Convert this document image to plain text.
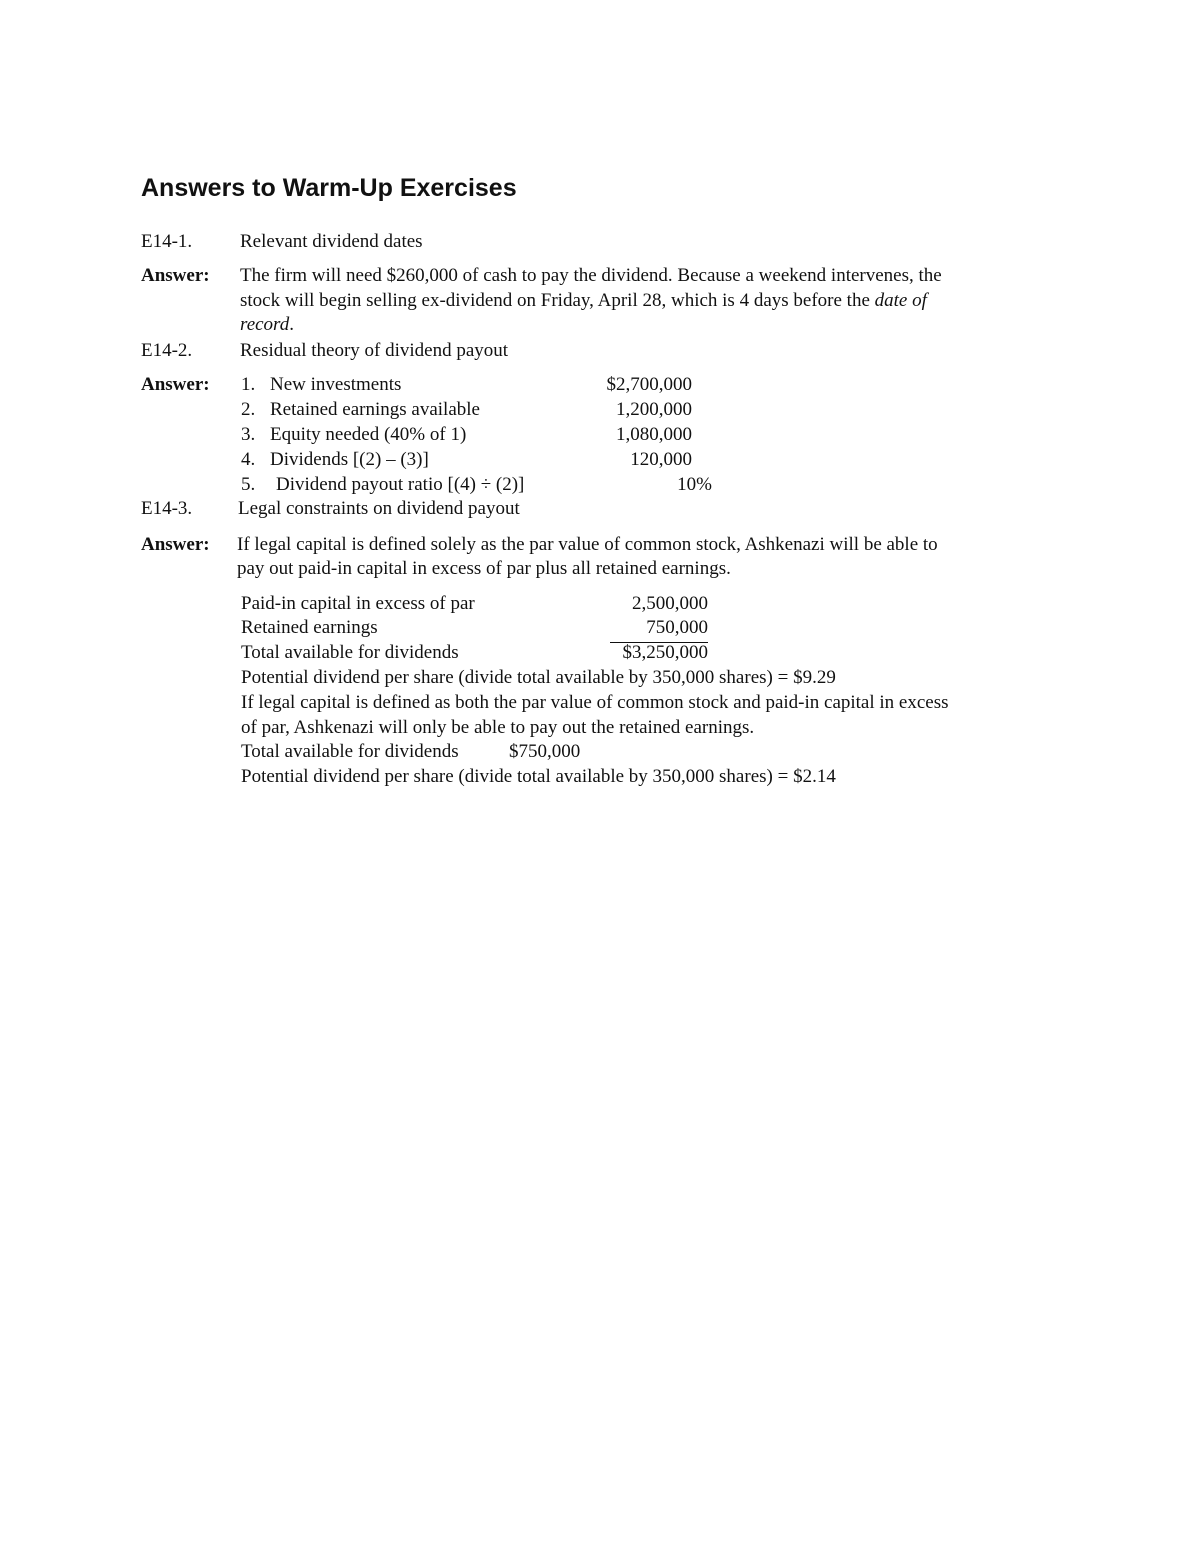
Answers to Warm-Up Exercises
E14-1.	Relevant dividend dates
Answer: The firm will need $260,000 of cash to pay the dividend. Because a weekend intervenes, the
stock will begin selling ex-dividend on Friday, April 28, which is 4 days before the date of
record.
E14-2.	Residual theory of dividend payout
Answer: 1. New investments	$2,700,000
2. Retained earnings available	1,200,000
3. Equity needed (40% of 1)	1,080,000
4. Dividends [(2) – (3)]	120,000
5. Dividend payout ratio [(4) ÷ (2)]	10%
E14-3. Legal constraints on dividend payout
Answer: If legal capital is defined solely as the par value of common stock, Ashkenazi will be able to
pay out paid-in capital in excess of par plus all retained earnings.
Paid-in capital in excess of par	2,500,000
Retained earnings	750,000
Total available for dividends	$3,250,000
Potential dividend per share (divide total available by 350,000 shares) = $9.29
If legal capital is defined as both the par value of common stock and paid-in capital in excess
of par, Ashkenazi will only be able to pay out the retained earnings.
Total available for dividends	$750,000
Potential dividend per share (divide total available by 350,000 shares) = $2.14
